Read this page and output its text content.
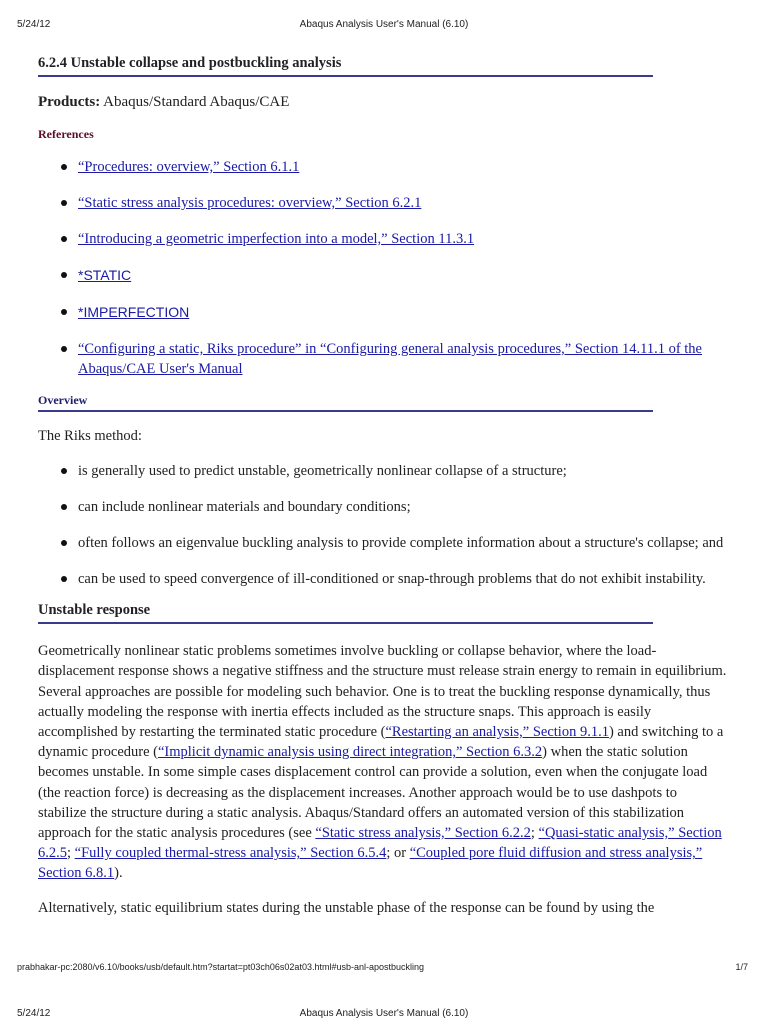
5/24/12	Abaqus Analysis User's Manual (6.10)
6.2.4 Unstable collapse and postbuckling analysis

Products: Abaqus/Standard Abaqus/CAE

References
“Procedures: overview,” Section 6.1.1
“Static stress analysis procedures: overview,” Section 6.2.1
“Introducing a geometric imperfection into a model,” Section 11.3.1
*STATIC
*IMPERFECTION
“Configuring a static, Riks procedure” in “Configuring general analysis procedures,” Section 14.11.1 of the Abaqus/CAE User's Manual
Overview

The Riks method:

is generally used to predict unstable, geometrically nonlinear collapse of a structure;
can include nonlinear materials and boundary conditions;
often follows an eigenvalue buckling analysis to provide complete information about a structure's collapse; and
can be used to speed convergence of ill-conditioned or snap-through problems that do not exhibit instability.
Unstable response

Geometrically nonlinear static problems sometimes involve buckling or collapse behavior, where the load-displacement response shows a negative stiffness and the structure must release strain energy to remain in equilibrium. Several approaches are possible for modeling such behavior. One is to treat the buckling response dynamically, thus actually modeling the response with inertia effects included as the structure snaps. This approach is easily accomplished by restarting the terminated static procedure (“Restarting an analysis,” Section 9.1.1) and switching to a dynamic procedure (“Implicit dynamic analysis using direct integration,” Section 6.3.2) when the static solution becomes unstable. In some simple cases displacement control can provide a solution, even when the conjugate load (the reaction force) is decreasing as the displacement increases. Another approach would be to use dashpots to stabilize the structure during a static analysis. Abaqus/Standard offers an automated version of this stabilization approach for the static analysis procedures (see “Static stress analysis,” Section 6.2.2; “Quasi-static analysis,” Section 6.2.5; “Fully coupled thermal-stress analysis,” Section 6.5.4; or “Coupled pore fluid diffusion and stress analysis,” Section 6.8.1).

Alternatively, static equilibrium states during the unstable phase of the response can be found by using the

prabhakar-pc:2080/v6.10/books/usb/default.htm?startat=pt03ch06s02at03.html#usb-anl-apostbuckling	1/7
5/24/12	Abaqus Analysis User's Manual (6.10)
